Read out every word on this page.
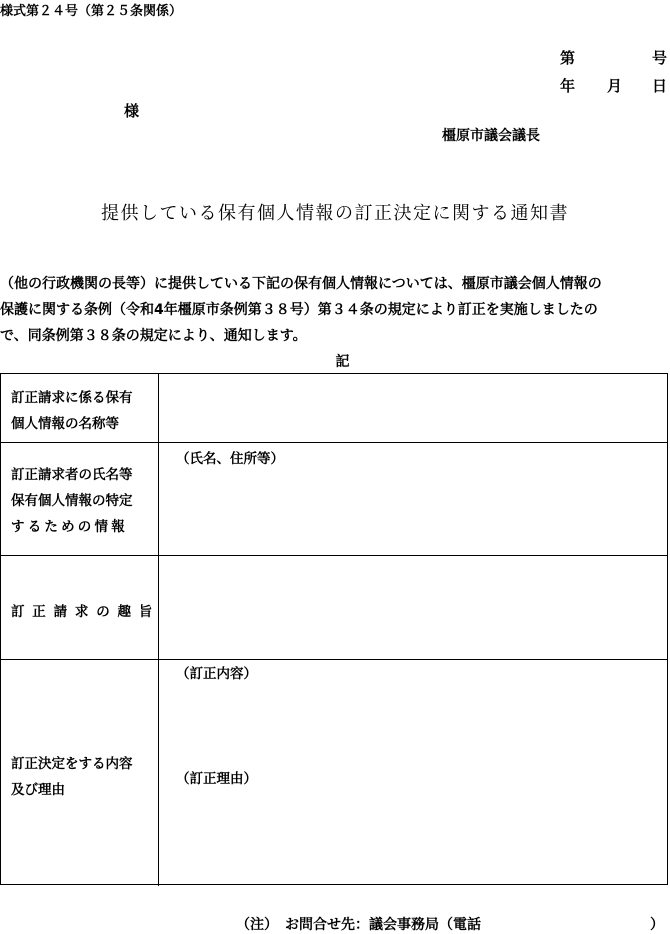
様式第２４号（第２５条関係）
第	号
年 月 日
様
橿原市議会議長
提供している保有個人情報の訂正決定に関する通知書
（他の行政機関の長等）に提供している下記の保有個人情報については、橿原市議会個人情報の
保護に関する条例（令和4年橿原市条例第３８号）第３４条の規定により訂正を実施しましたの
で、同条例第３８条の規定により、通知します。
記
訂正請求に係る保有
個人情報の名称等
訂正請求者の氏名等
保有個人情報の特定
するための情報
（氏名、住所等）
訂正請求の趣旨
訂正決定をする内容
及び理由
（訂正内容）
（訂正理由）
（注）　お問合せ先：議会事務局（電話	）
